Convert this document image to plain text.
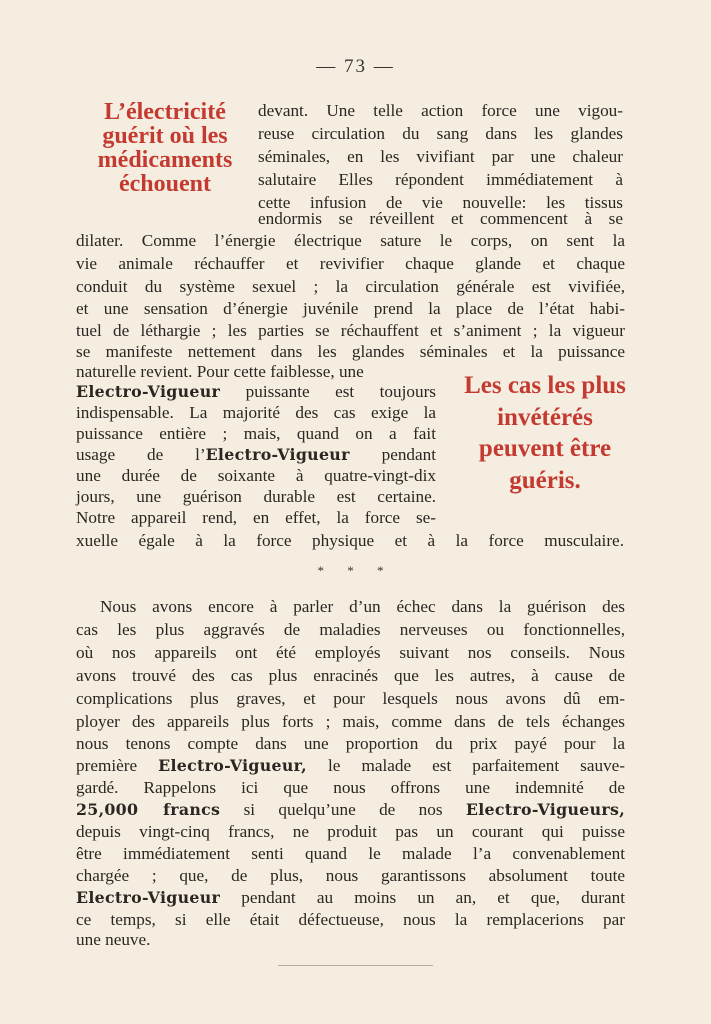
— 73 —
L’électricité guérit où les médicaments échouent
devant. Une telle action force une vigou-
reuse circulation du sang dans les glandes
séminales, en les vivifiant par une chaleur
salutaire Elles répondent immédiatement à
cette infusion de vie nouvelle: les tissus
endormis se réveillent et commencent à se
dilater. Comme l’énergie électrique sature le corps, on sent la
vie animale réchauffer et revivifier chaque glande et chaque
conduit du système sexuel ; la circulation générale est vivifiée,
et une sensation d’énergie juvénile prend la place de l’état habi-
tuel de léthargie ; les parties se réchauffent et s’animent ; la vigueur
se manifeste nettement dans les glandes séminales et la puissance
naturelle revient. Pour cette faiblesse, une
Les cas les plus invétérés peuvent être guéris.
Electro-Vigueur puissante est toujours
indispensable. La majorité des cas exige la
puissance entière ; mais, quand on a fait
usage de l’Electro-Vigueur pendant
une durée de soixante à quatre-vingt-dix
jours, une guérison durable est certaine.
Notre appareil rend, en effet, la force se-
xuelle égale à la force physique et à la force musculaire.
* * *
Nous avons encore à parler d’un échec dans la guérison des
cas les plus aggravés de maladies nerveuses ou fonctionnelles,
où nos appareils ont été employés suivant nos conseils. Nous
avons trouvé des cas plus enracinés que les autres, à cause de
complications plus graves, et pour lesquels nous avons dû em-
ployer des appareils plus forts ; mais, comme dans de tels échanges
nous tenons compte dans une proportion du prix payé pour la
première Electro-Vigueur, le malade est parfaitement sauve-
gardé. Rappelons ici que nous offrons une indemnité de
25,000 francs si quelqu’une de nos Electro-Vigueurs,
depuis vingt-cinq francs, ne produit pas un courant qui puisse
être immédiatement senti quand le malade l’a convenablement
chargée ; que, de plus, nous garantissons absolument toute
Electro-Vigueur pendant au moins un an, et que, durant
ce temps, si elle était défectueuse, nous la remplacerions par
une neuve.
